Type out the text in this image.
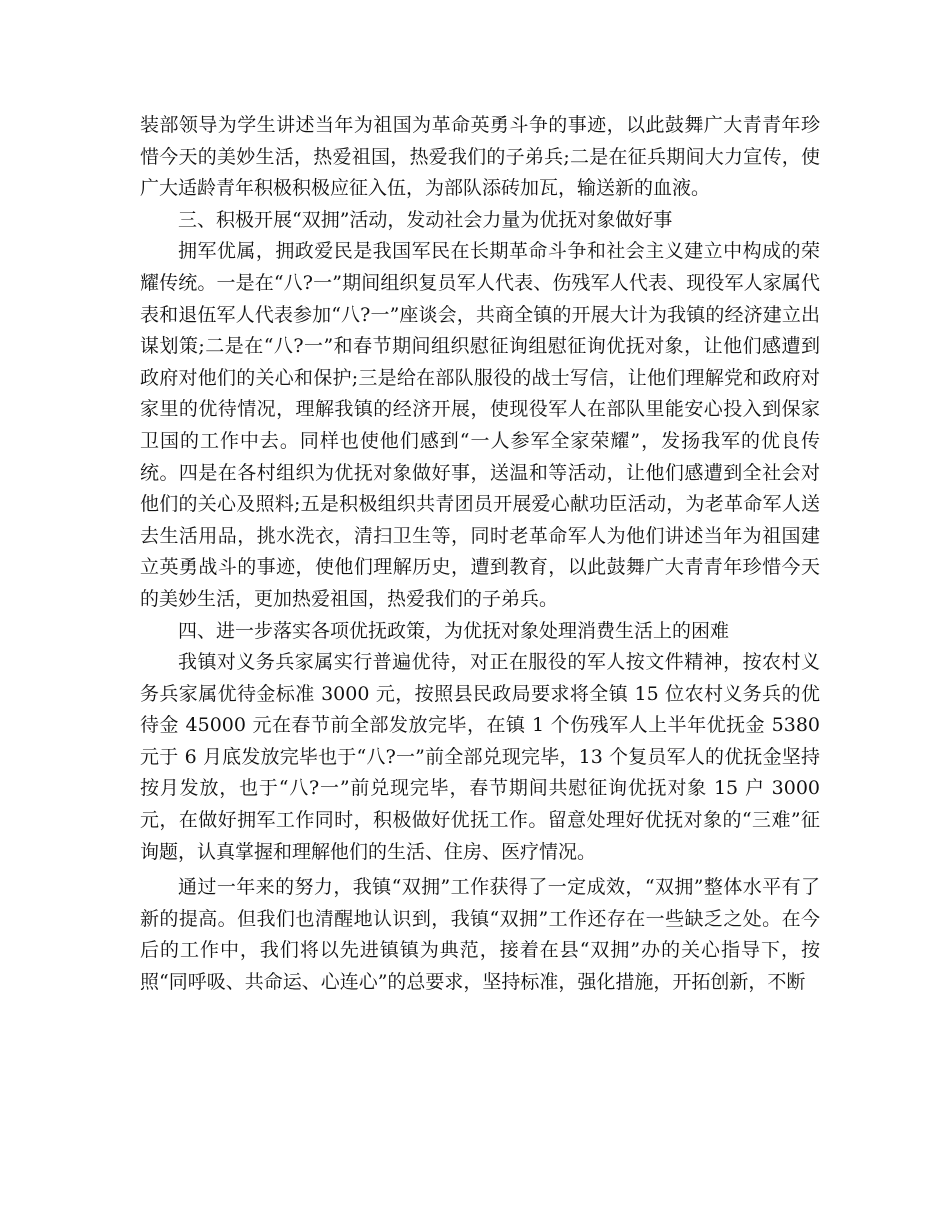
装部领导为学生讲述当年为祖国为革命英勇斗争的事迹，以此鼓舞广大青青年珍惜今天的美妙生活，热爱祖国，热爱我们的子弟兵;二是在征兵期间大力宣传，使广大适龄青年积极积极应征入伍，为部队添砖加瓦，输送新的血液。

三、积极开展“双拥”活动，发动社会力量为优抚对象做好事

拥军优属，拥政爱民是我国军民在长期革命斗争和社会主义建立中构成的荣耀传统。一是在“八?一”期间组织复员军人代表、伤残军人代表、现役军人家属代表和退伍军人代表参加“八?一”座谈会，共商全镇的开展大计为我镇的经济建立出谋划策;二是在“八?一”和春节期间组织慰征询组慰征询优抚对象，让他们感遭到政府对他们的关心和保护;三是给在部队服役的战士写信，让他们理解党和政府对家里的优待情况，理解我镇的经济开展，使现役军人在部队里能安心投入到保家卫国的工作中去。同样也使他们感到“一人参军全家荣耀”，发扬我军的优良传统。四是在各村组织为优抚对象做好事，送温和等活动，让他们感遭到全社会对他们的关心及照料;五是积极组织共青团员开展爱心献功臣活动，为老革命军人送去生活用品，挑水洗衣，清扫卫生等，同时老革命军人为他们讲述当年为祖国建立英勇战斗的事迹，使他们理解历史，遭到教育，以此鼓舞广大青青年珍惜今天的美妙生活，更加热爱祖国，热爱我们的子弟兵。

四、进一步落实各项优抚政策，为优抚对象处理消费生活上的困难

我镇对义务兵家属实行普遍优待，对正在服役的军人按文件精神，按农村义务兵家属优待金标准 3000 元，按照县民政局要求将全镇 15 位农村义务兵的优待金 45000 元在春节前全部发放完毕，在镇 1 个伤残军人上半年优抚金 5380 元于 6 月底发放完毕也于“八?一”前全部兑现完毕，13 个复员军人的优抚金坚持按月发放，也于“八?一”前兑现完毕，春节期间共慰征询优抚对象 15 户 3000 元，在做好拥军工作同时，积极做好优抚工作。留意处理好优抚对象的“三难”征询题，认真掌握和理解他们的生活、住房、医疗情况。

通过一年来的努力，我镇“双拥”工作获得了一定成效，“双拥”整体水平有了新的提高。但我们也清醒地认识到，我镇“双拥”工作还存在一些缺乏之处。在今后的工作中，我们将以先进镇镇为典范，接着在县“双拥”办的关心指导下，按照“同呼吸、共命运、心连心”的总要求，坚持标准，强化措施，开拓创新，不断
